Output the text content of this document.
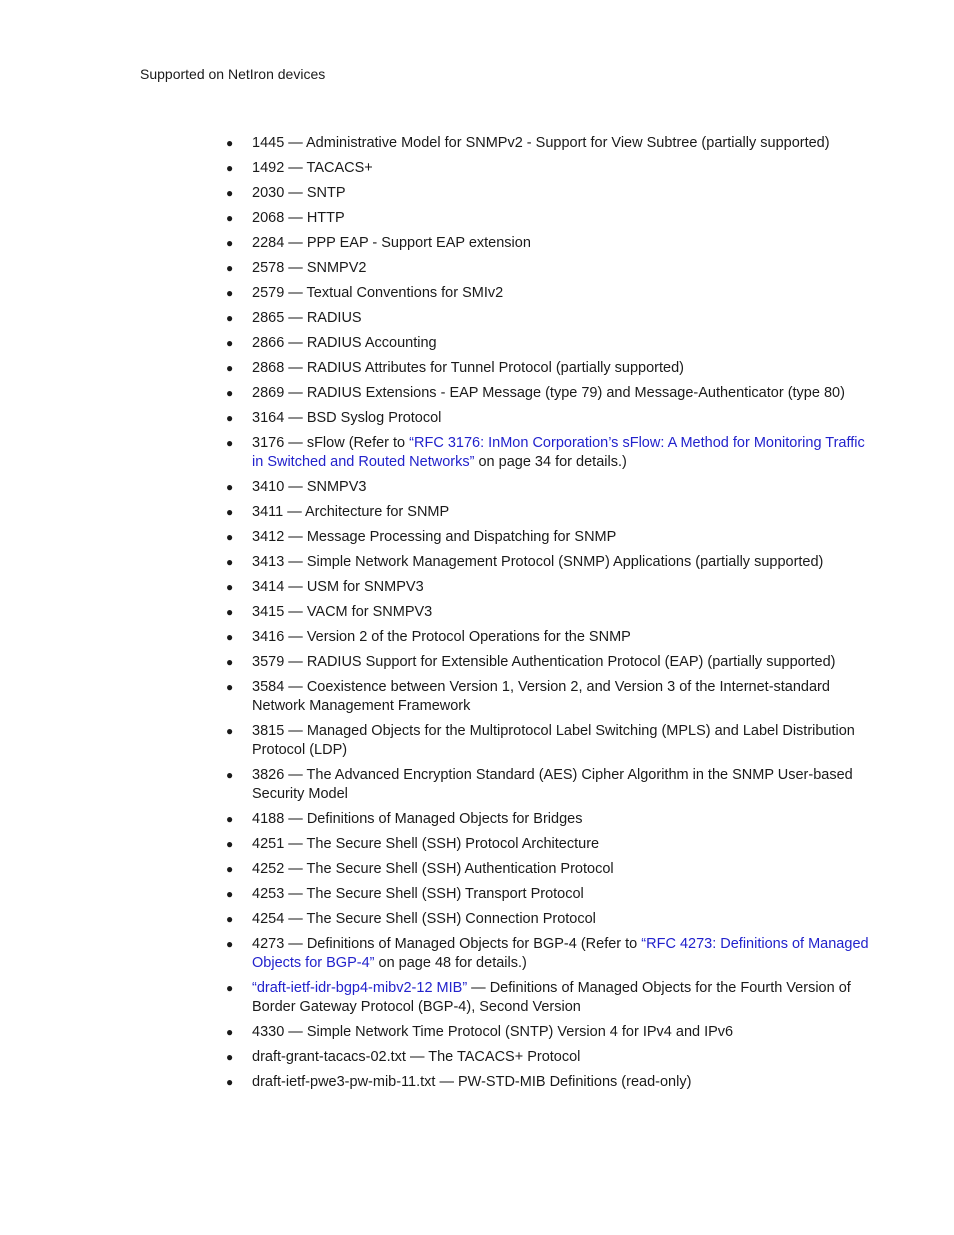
Supported on NetIron devices
● 1445 — Administrative Model for SNMPv2 - Support for View Subtree (partially supported)
● 1492 — TACACS+
● 2030 — SNTP
● 2068 — HTTP
● 2284 — PPP EAP - Support EAP extension
● 2578 — SNMPV2
● 2579 — Textual Conventions for SMIv2
● 2865 — RADIUS
● 2866 — RADIUS Accounting
● 2868 — RADIUS Attributes for Tunnel Protocol (partially supported)
● 2869 — RADIUS Extensions - EAP Message (type 79) and Message-Authenticator (type 80)
● 3164 — BSD Syslog Protocol
● 3176 — sFlow (Refer to “RFC 3176: InMon Corporation’s sFlow: A Method for Monitoring Traffic in Switched and Routed Networks” on page 34 for details.)
● 3410 — SNMPV3
● 3411 — Architecture for SNMP
● 3412 — Message Processing and Dispatching for SNMP
● 3413 — Simple Network Management Protocol (SNMP) Applications (partially supported)
● 3414 — USM for SNMPV3
● 3415 — VACM for SNMPV3
● 3416 — Version 2 of the Protocol Operations for the SNMP
● 3579 — RADIUS Support for Extensible Authentication Protocol (EAP) (partially supported)
● 3584 — Coexistence between Version 1, Version 2, and Version 3 of the Internet-standard Network Management Framework
● 3815 — Managed Objects for the Multiprotocol Label Switching (MPLS) and Label Distribution Protocol (LDP)
● 3826 — The Advanced Encryption Standard (AES) Cipher Algorithm in the SNMP User-based Security Model
● 4188 — Definitions of Managed Objects for Bridges
● 4251 — The Secure Shell (SSH) Protocol Architecture
● 4252 — The Secure Shell (SSH) Authentication Protocol
● 4253 — The Secure Shell (SSH) Transport Protocol
● 4254 — The Secure Shell (SSH) Connection Protocol
● 4273 — Definitions of Managed Objects for BGP-4 (Refer to “RFC 4273: Definitions of Managed Objects for BGP-4” on page 48 for details.)
● “draft-ietf-idr-bgp4-mibv2-12 MIB” — Definitions of Managed Objects for the Fourth Version of Border Gateway Protocol (BGP-4), Second Version
● 4330 — Simple Network Time Protocol (SNTP) Version 4 for IPv4 and IPv6
● draft-grant-tacacs-02.txt — The TACACS+ Protocol
● draft-ietf-pwe3-pw-mib-11.txt — PW-STD-MIB Definitions (read-only)
